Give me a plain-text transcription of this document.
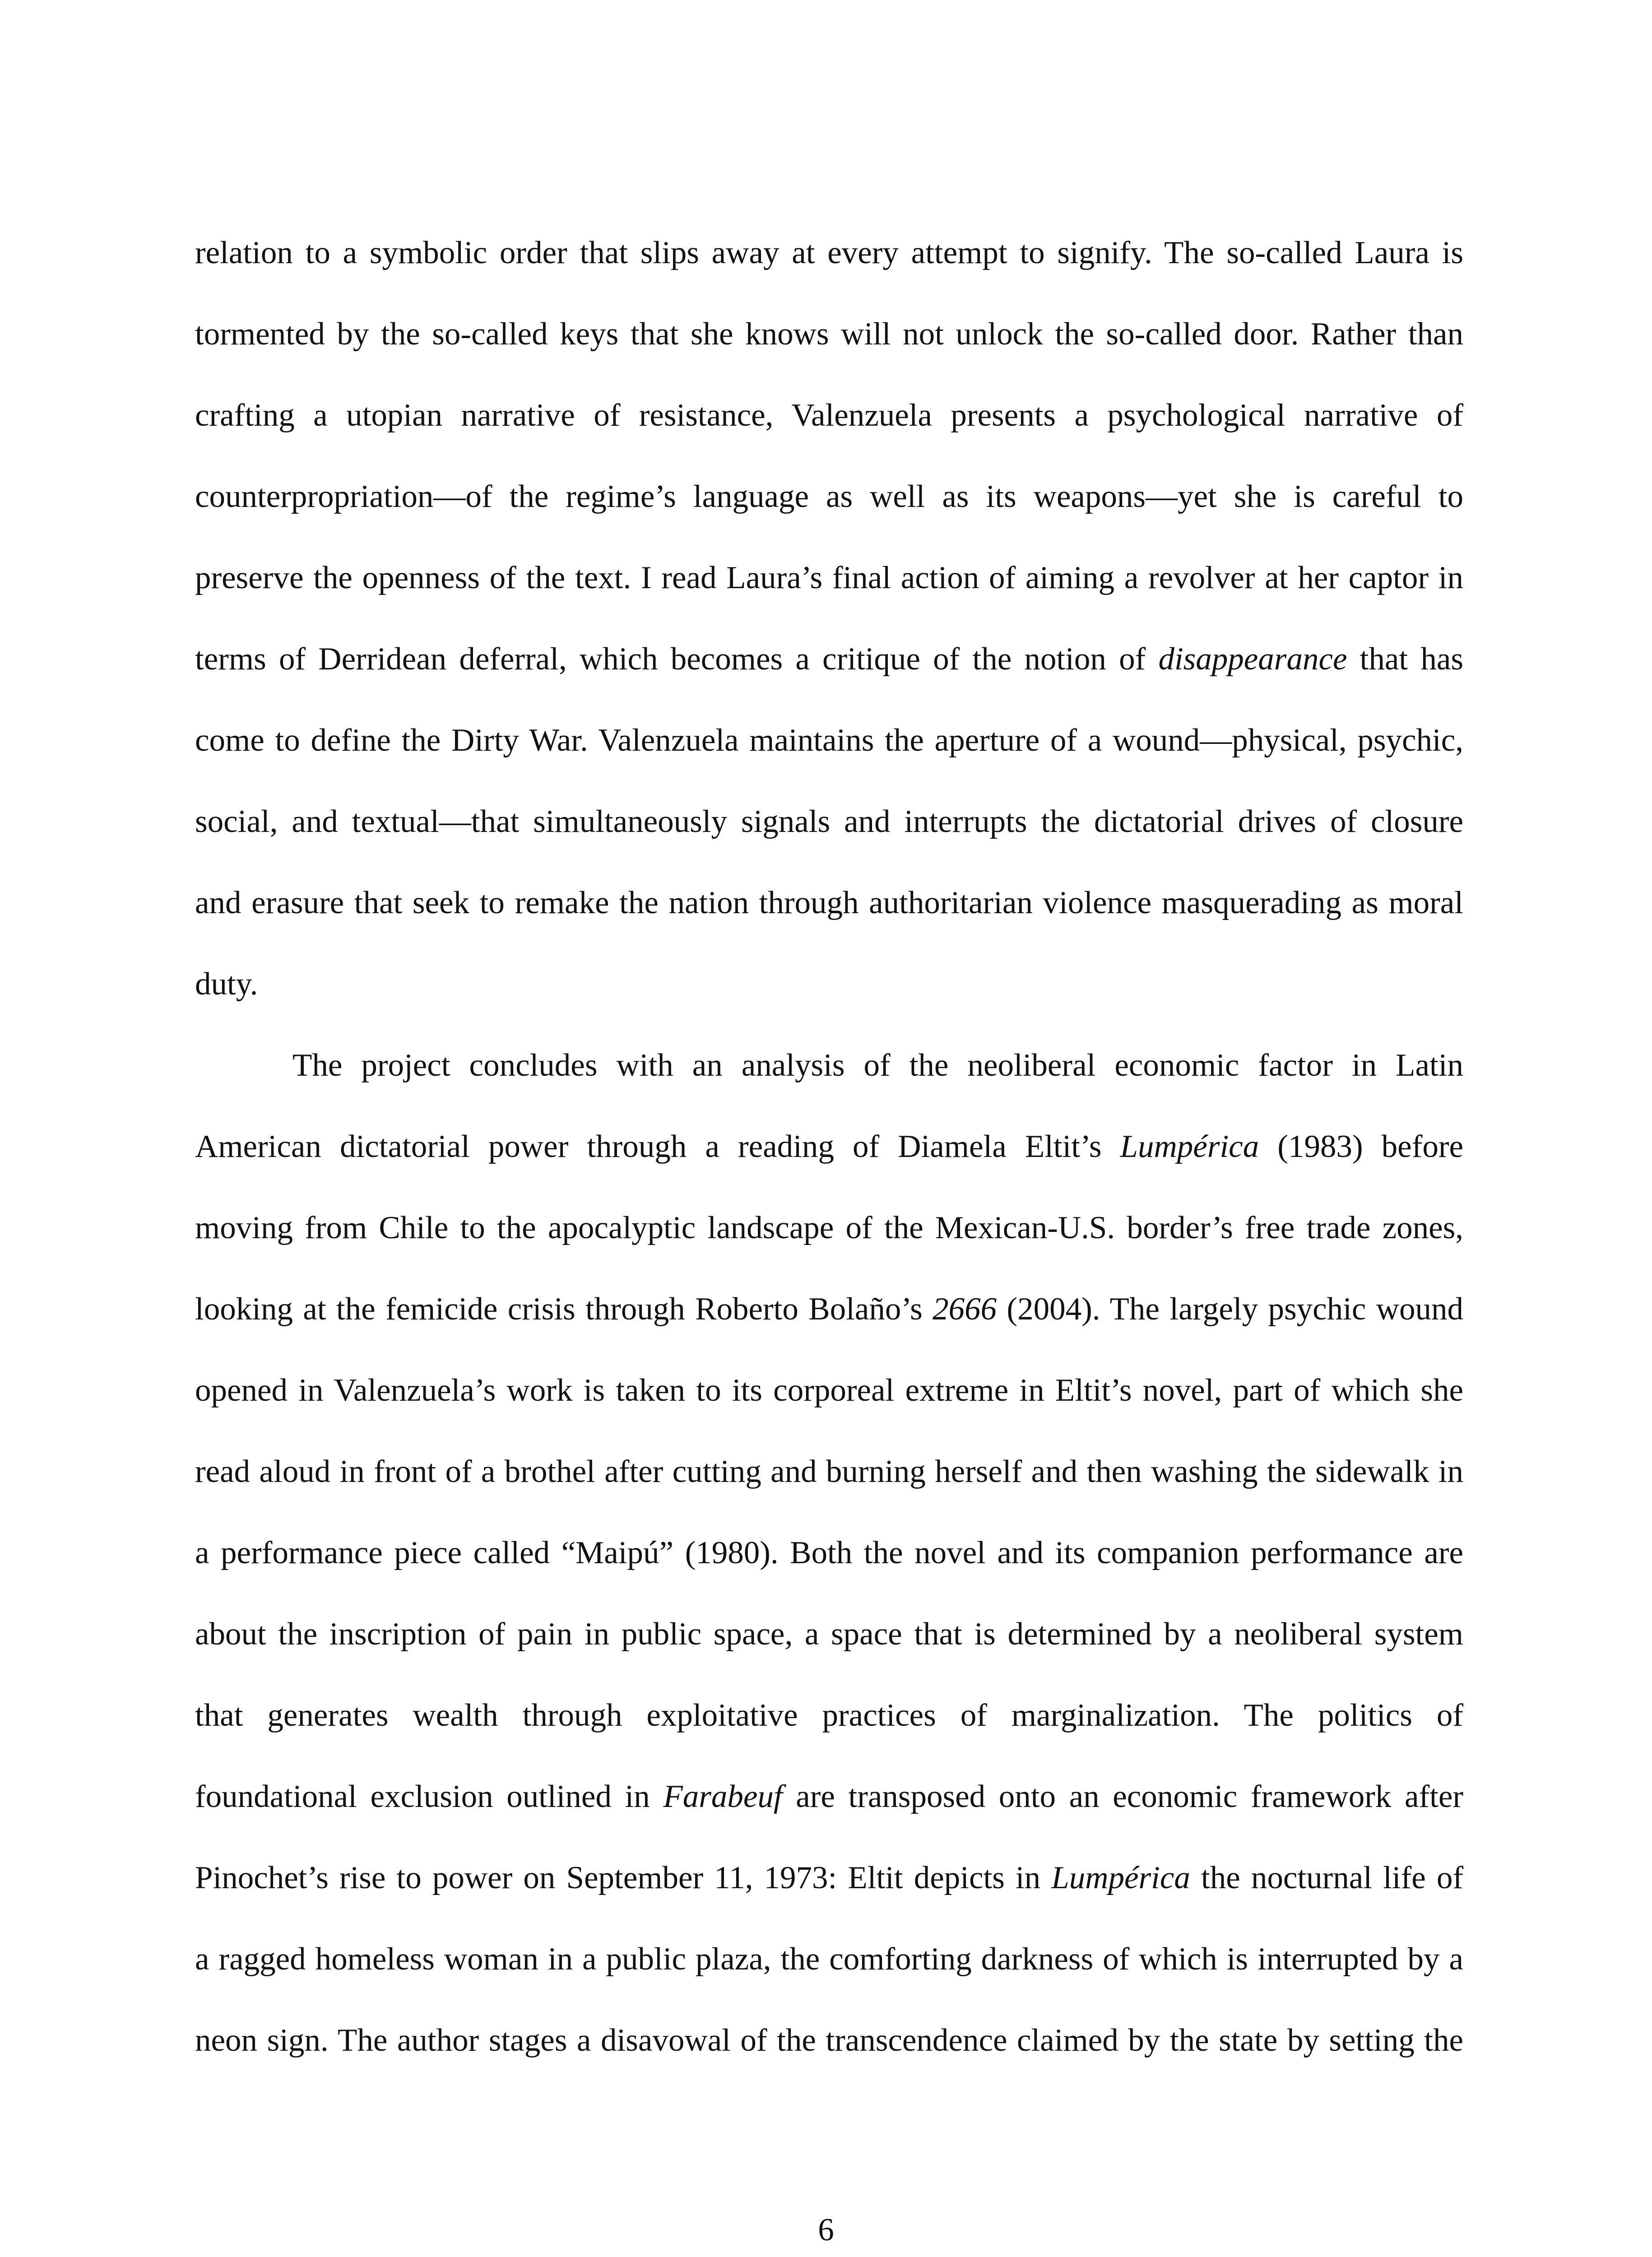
relation to a symbolic order that slips away at every attempt to signify. The so-called Laura is
tormented by the so-called keys that she knows will not unlock the so-called door. Rather than
crafting a utopian narrative of resistance, Valenzuela presents a psychological narrative of
counterpropriation—of the regime’s language as well as its weapons—yet she is careful to
preserve the openness of the text. I read Laura’s final action of aiming a revolver at her captor in
terms of Derridean deferral, which becomes a critique of the notion of disappearance that has
come to define the Dirty War. Valenzuela maintains the aperture of a wound—physical, psychic,
social, and textual—that simultaneously signals and interrupts the dictatorial drives of closure
and erasure that seek to remake the nation through authoritarian violence masquerading as moral
duty.
The project concludes with an analysis of the neoliberal economic factor in Latin
American dictatorial power through a reading of Diamela Eltit’s Lumpérica (1983) before
moving from Chile to the apocalyptic landscape of the Mexican-U.S. border’s free trade zones,
looking at the femicide crisis through Roberto Bolaño’s 2666 (2004). The largely psychic wound
opened in Valenzuela’s work is taken to its corporeal extreme in Eltit’s novel, part of which she
read aloud in front of a brothel after cutting and burning herself and then washing the sidewalk in
a performance piece called “Maipú” (1980). Both the novel and its companion performance are
about the inscription of pain in public space, a space that is determined by a neoliberal system
that generates wealth through exploitative practices of marginalization. The politics of
foundational exclusion outlined in Farabeuf are transposed onto an economic framework after
Pinochet’s rise to power on September 11, 1973: Eltit depicts in Lumpérica the nocturnal life of
a ragged homeless woman in a public plaza, the comforting darkness of which is interrupted by a
neon sign. The author stages a disavowal of the transcendence claimed by the state by setting the
6
